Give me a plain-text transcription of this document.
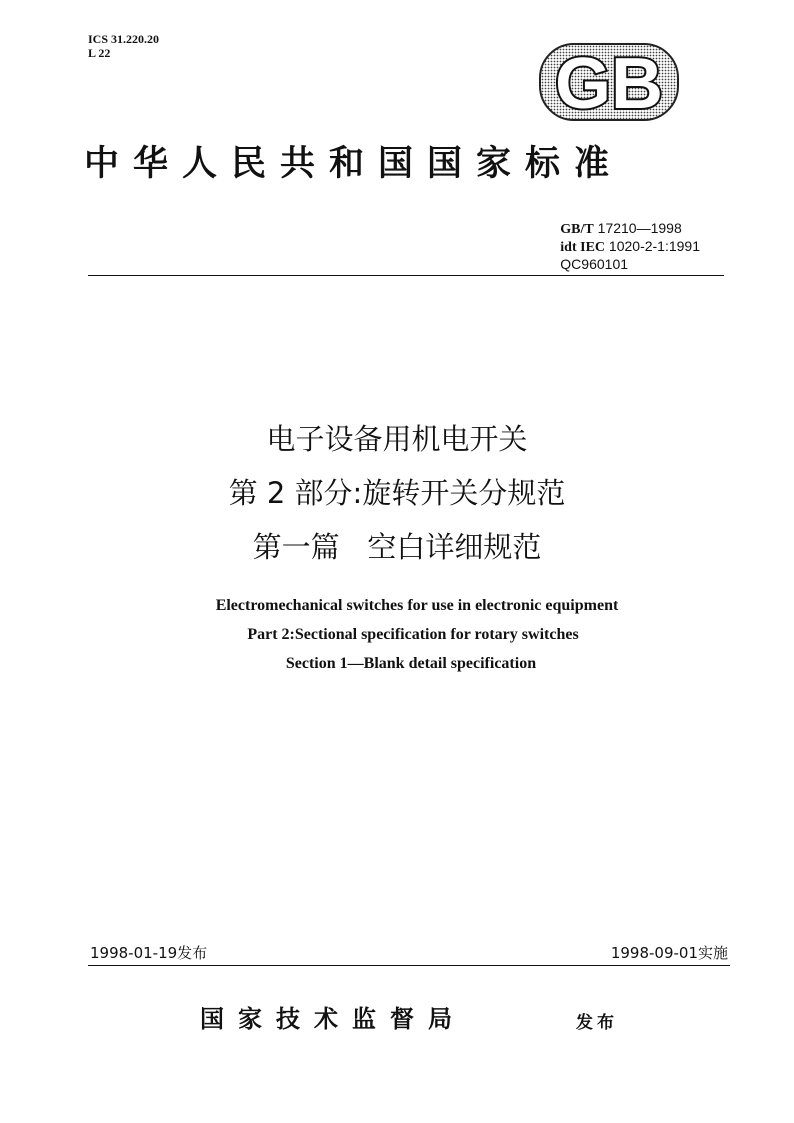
ICS 31.220.20
L 22	GB
中华人民共和国国家标准
GB/T 17210—1998
idt IEC 1020-2-1:1991
QC960101
电子设备用机电开关
第 2 部分:旋转开关分规范
第一篇   空白详细规范
Electromechanical switches for use in electronic equipment
Part 2:Sectional specification for rotary switches
Section 1—Blank detail specification
1998-01-19发布	1998-09-01实施
国家技术监督局	发布
